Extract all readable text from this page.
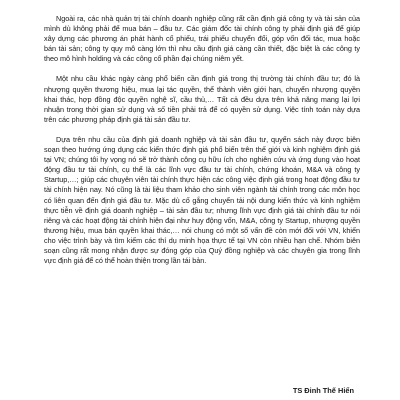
Ngoài ra, các nhà quản trị tài chính doanh nghiệp cũng rất cần định giá công ty và tài sản của mình dù không phải để mua bán – đầu tư. Các giám đốc tài chính công ty phải định giá để giúp xây dựng các phương án phát hành cổ phiếu, trái phiếu chuyển đổi, góp vốn đối tác, mua hoặc bán tài sản; công ty quy mô càng lớn thì nhu cầu định giá càng cần thiết, đặc biệt là các công ty theo mô hình holding và các công cổ phần đại chúng niêm yết.

Một nhu cầu khác ngày càng phổ biến cần định giá trong thị trường tài chính đầu tư; đó là nhượng quyền thương hiệu, mua lại tác quyền, thể thành viên giới hạn, chuyển nhượng quyền khai thác, hợp đồng độc quyền nghệ sĩ, cầu thủ,… Tất cả đều dựa trên khả năng mang lại lợi nhuận trong thời gian sử dụng và số tiền phải trả để có quyền sử dụng. Việc tính toán này dựa trên các phương pháp định giá tài sản đầu tư.

Dựa trên nhu cầu của định giá doanh nghiệp và tài sản đầu tư, quyển sách này được biên soạn theo hướng ứng dụng các kiến thức định giá phổ biến trên thế giới và kinh nghiệm định giá tại VN; chúng tôi hy vọng nó sẽ trở thành công cụ hữu ích cho nghiên cứu và ứng dụng vào hoạt động đầu tư tài chính, cụ thể là các lĩnh vực đầu tư tài chính, chứng khoán, M&A và công ty Startup,…; giúp các chuyên viên tài chính thực hiện các công việc định giá trong hoạt động đầu tư tài chính hiện nay. Nó cũng là tài liệu tham khảo cho sinh viên ngành tài chính trong các môn học có liên quan đến định giá đầu tư. Mặc dù cố gắng chuyển tải nội dung kiến thức và kinh nghiệm thực tiễn về định giá doanh nghiệp – tài sản đầu tư; nhưng lĩnh vực định giá tài chính đầu tư nói riêng và các hoạt động tài chính hiện đại như huy động vốn, M&A, công ty Startup, nhượng quyền thương hiệu, mua bán quyền khai thác,… nói chung có một số vấn đề còn mới đối với VN, khiến cho việc trình bày và tìm kiếm các thí dụ minh họa thực tế tại VN còn nhiều hạn chế. Nhóm biên soạn cũng rất mong nhận được sự đóng góp của Quý đồng nghiệp và các chuyên gia trong lĩnh vực định giá để có thể hoàn thiện trong lần tái bản.

TS Đinh Thế Hiển
